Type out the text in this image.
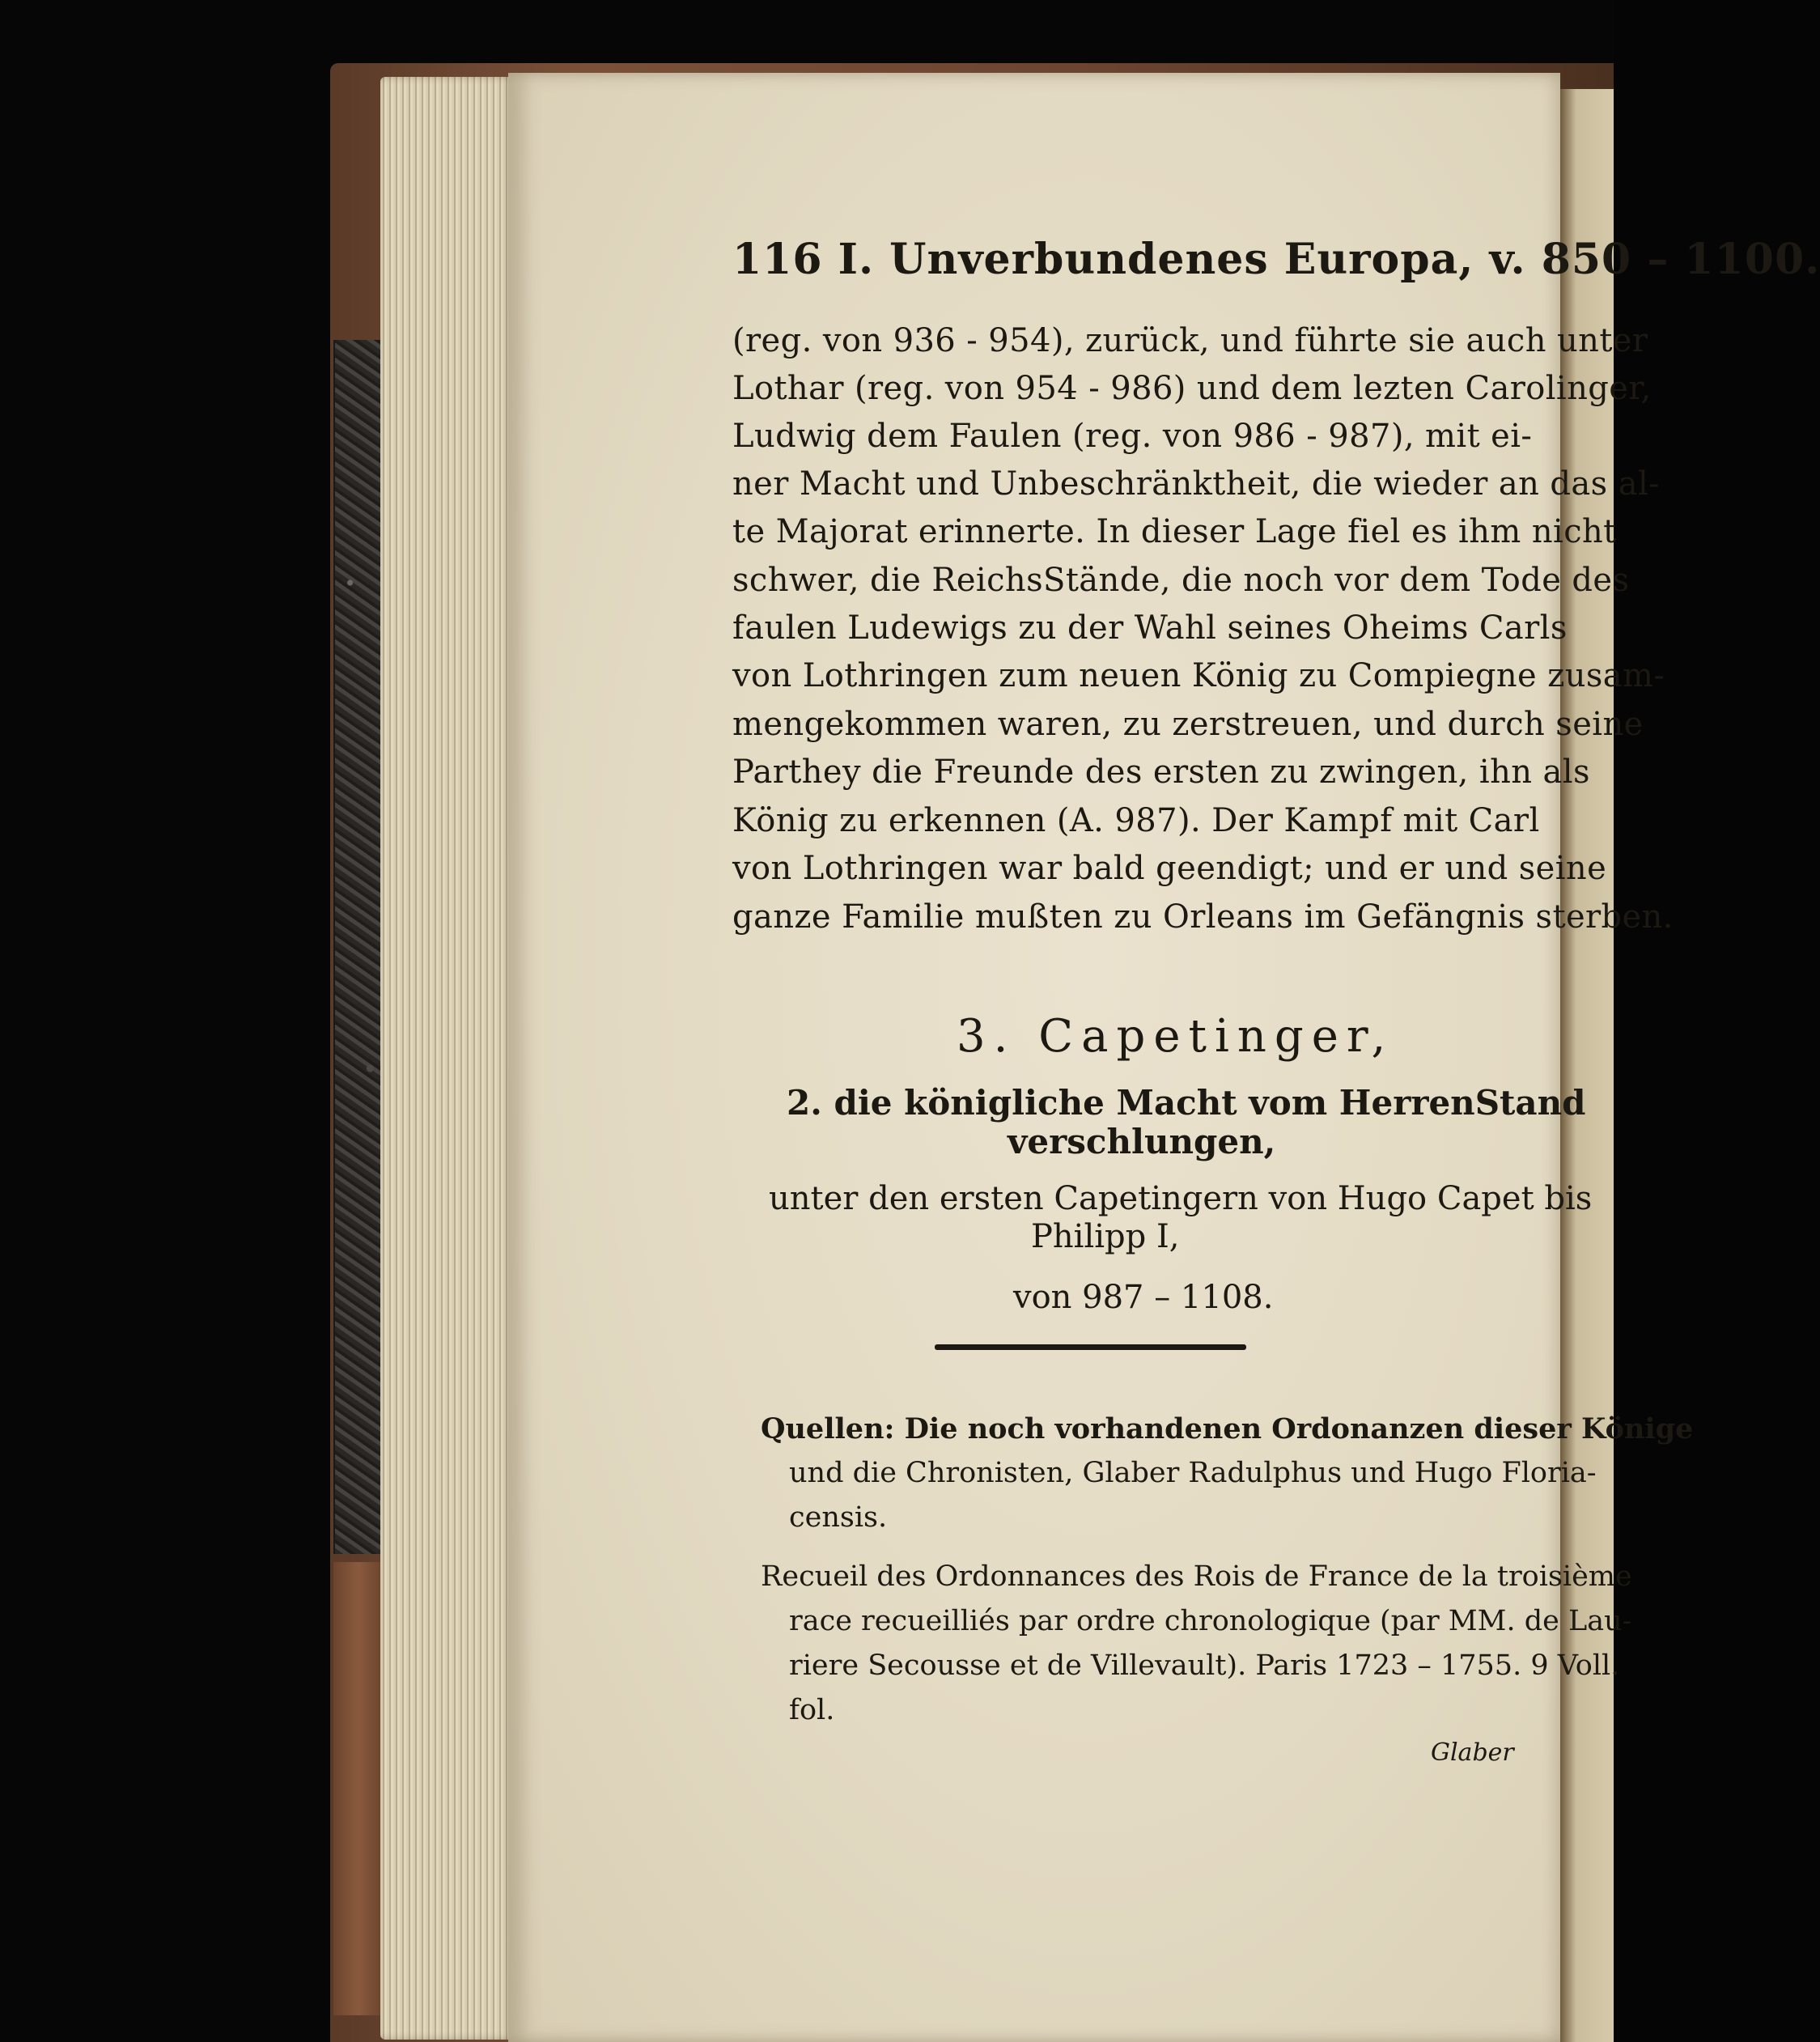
116 I. Unverbundenes Europa, v. 850 – 1100.
(reg. von 936 - 954), zurück, und führte sie auch unter
Lothar (reg. von 954 - 986) und dem lezten Carolinger,
Ludwig dem Faulen (reg. von 986 - 987), mit ei-
ner Macht und Unbeschränktheit, die wieder an das al-
te Majorat erinnerte. In dieser Lage fiel es ihm nicht
schwer, die ReichsStände, die noch vor dem Tode des
faulen Ludewigs zu der Wahl seines Oheims Carls
von Lothringen zum neuen König zu Compiegne zusam-
mengekommen waren, zu zerstreuen, und durch seine
Parthey die Freunde des ersten zu zwingen, ihn als
König zu erkennen (A. 987). Der Kampf mit Carl
von Lothringen war bald geendigt; und er und seine
ganze Familie mußten zu Orleans im Gefängnis sterben.
3. Capetinger,
2. die königliche Macht vom HerrenStand
verschlungen,
unter den ersten Capetingern von Hugo Capet bis
Philipp I,
von 987 – 1108.
Quellen: Die noch vorhandenen Ordonanzen dieser Könige
und die Chronisten, Glaber Radulphus und Hugo Floria-
censis.
Recueil des Ordonnances des Rois de France de la troisième
race recueilliés par ordre chronologique (par MM. de Lau-
riere Secousse et de Villevault). Paris 1723 – 1755. 9 Voll.
fol.
Glaber
